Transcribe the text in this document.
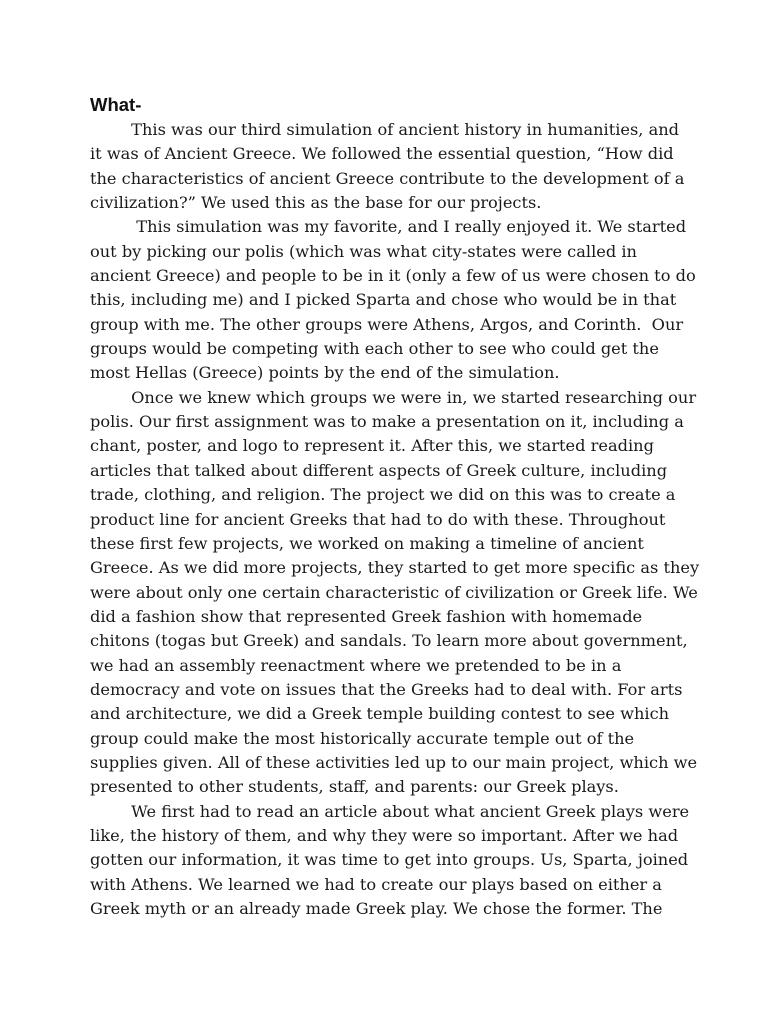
What-
This was our third simulation of ancient history in humanities, and
it was of Ancient Greece. We followed the essential question, “How did
the characteristics of ancient Greece contribute to the development of a
civilization?” We used this as the base for our projects.
This simulation was my favorite, and I really enjoyed it. We started
out by picking our polis (which was what city-states were called in
ancient Greece) and people to be in it (only a few of us were chosen to do
this, including me) and I picked Sparta and chose who would be in that
group with me. The other groups were Athens, Argos, and Corinth.  Our
groups would be competing with each other to see who could get the
most Hellas (Greece) points by the end of the simulation.
Once we knew which groups we were in, we started researching our
polis. Our first assignment was to make a presentation on it, including a
chant, poster, and logo to represent it. After this, we started reading
articles that talked about different aspects of Greek culture, including
trade, clothing, and religion. The project we did on this was to create a
product line for ancient Greeks that had to do with these. Throughout
these first few projects, we worked on making a timeline of ancient
Greece. As we did more projects, they started to get more specific as they
were about only one certain characteristic of civilization or Greek life. We
did a fashion show that represented Greek fashion with homemade
chitons (togas but Greek) and sandals. To learn more about government,
we had an assembly reenactment where we pretended to be in a
democracy and vote on issues that the Greeks had to deal with. For arts
and architecture, we did a Greek temple building contest to see which
group could make the most historically accurate temple out of the
supplies given. All of these activities led up to our main project, which we
presented to other students, staff, and parents: our Greek plays.
We first had to read an article about what ancient Greek plays were
like, the history of them, and why they were so important. After we had
gotten our information, it was time to get into groups. Us, Sparta, joined
with Athens. We learned we had to create our plays based on either a
Greek myth or an already made Greek play. We chose the former. The
